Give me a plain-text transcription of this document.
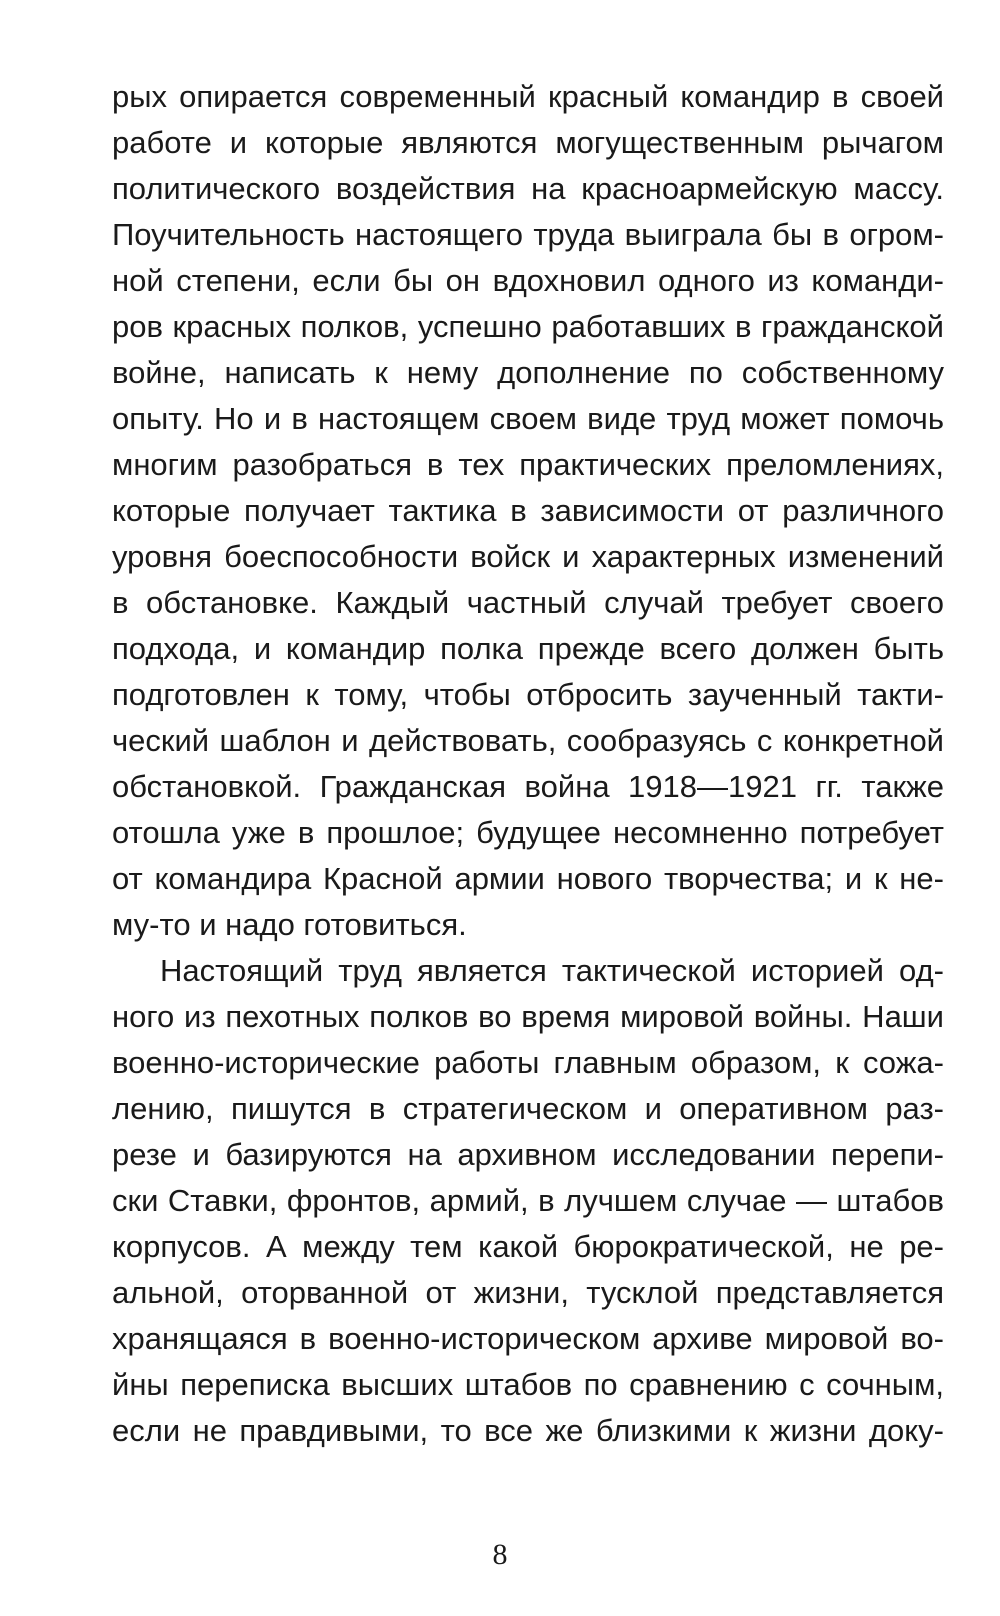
рых опирается современный красный командир в своей
работе и которые являются могущественным рычагом
политического воздействия на красноармейскую массу.
Поучительность настоящего труда выиграла бы в огром-
ной степени, если бы он вдохновил одного из команди-
ров красных полков, успешно работавших в гражданской
войне, написать к нему дополнение по собственному
опыту. Но и в настоящем своем виде труд может помочь
многим разобраться в тех практических преломлениях,
которые получает тактика в зависимости от различного
уровня боеспособности войск и характерных изменений
в обстановке. Каждый частный случай требует своего
подхода, и командир полка прежде всего должен быть
подготовлен к тому, чтобы отбросить заученный такти-
ческий шаблон и действовать, сообразуясь с конкретной
обстановкой. Гражданская война 1918—1921 гг. также
отошла уже в прошлое; будущее несомненно потребует
от командира Красной армии нового творчества; и к не-
му-то и надо готовиться.
Настоящий труд является тактической историей од-
ного из пехотных полков во время мировой войны. Наши
военно-исторические работы главным образом, к сожа-
лению, пишутся в стратегическом и оперативном раз-
резе и базируются на архивном исследовании перепи-
ски Ставки, фронтов, армий, в лучшем случае — штабов
корпусов. А между тем какой бюрократической, не ре-
альной, оторванной от жизни, тусклой представляется
хранящаяся в военно-историческом архиве мировой во-
йны переписка высших штабов по сравнению с сочным,
если не правдивыми, то все же близкими к жизни доку-
8
